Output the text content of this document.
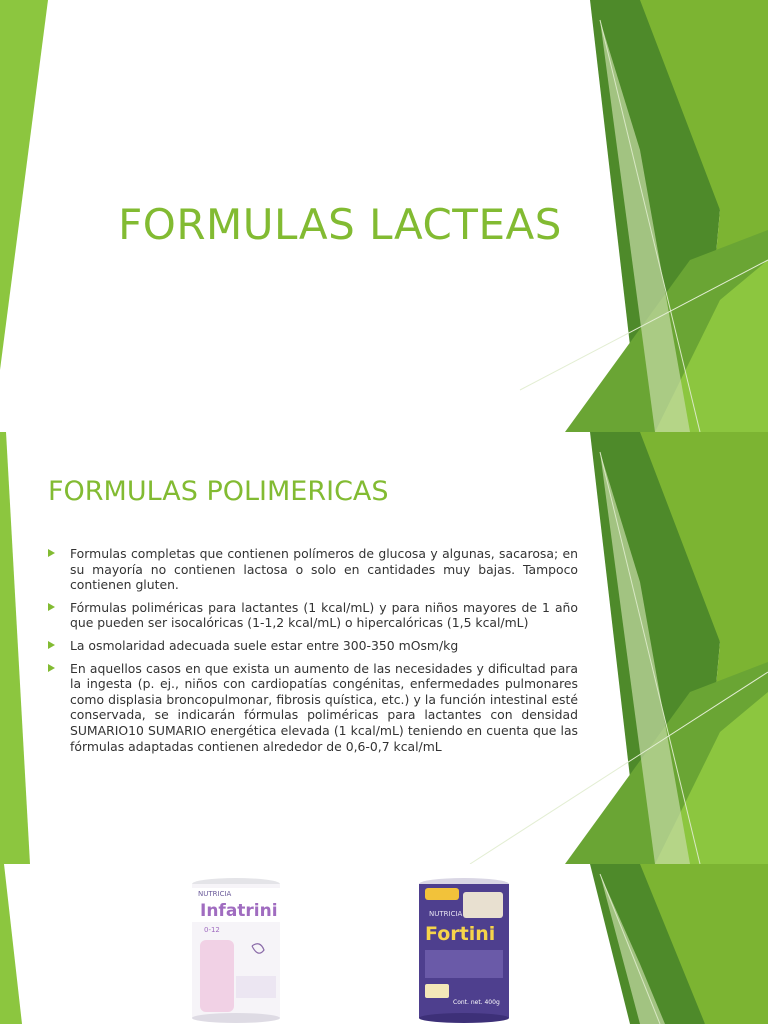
FORMULAS LACTEAS
FORMULAS POLIMERICAS
Formulas completas que contienen polímeros de glucosa y algunas, sacarosa; en su mayoría no contienen lactosa o solo en cantidades muy bajas. Tampoco contienen gluten.
Fórmulas poliméricas para lactantes (1 kcal/mL) y para niños mayores de 1 año que pueden ser isocalóricas (1-1,2 kcal/mL) o hipercalóricas (1,5 kcal/mL)
La osmolaridad adecuada suele estar entre 300-350 mOsm/kg
En aquellos casos en que exista un aumento de las necesidades y dificultad para la ingesta (p. ej., niños con cardiopatías congénitas, enfermedades pulmonares como displasia broncopulmonar, fibrosis quística, etc.) y la función intestinal esté conservada, se indicarán fórmulas poliméricas para lactantes con densidad SUMARIO10 SUMARIO energética elevada (1 kcal/mL) teniendo en cuenta que las fórmulas adaptadas contienen alrededor de 0,6-0,7 kcal/mL
NUTRICIA
Infatrini
0-12
NUTRICIA
Fortini
Cont. net. 400g
